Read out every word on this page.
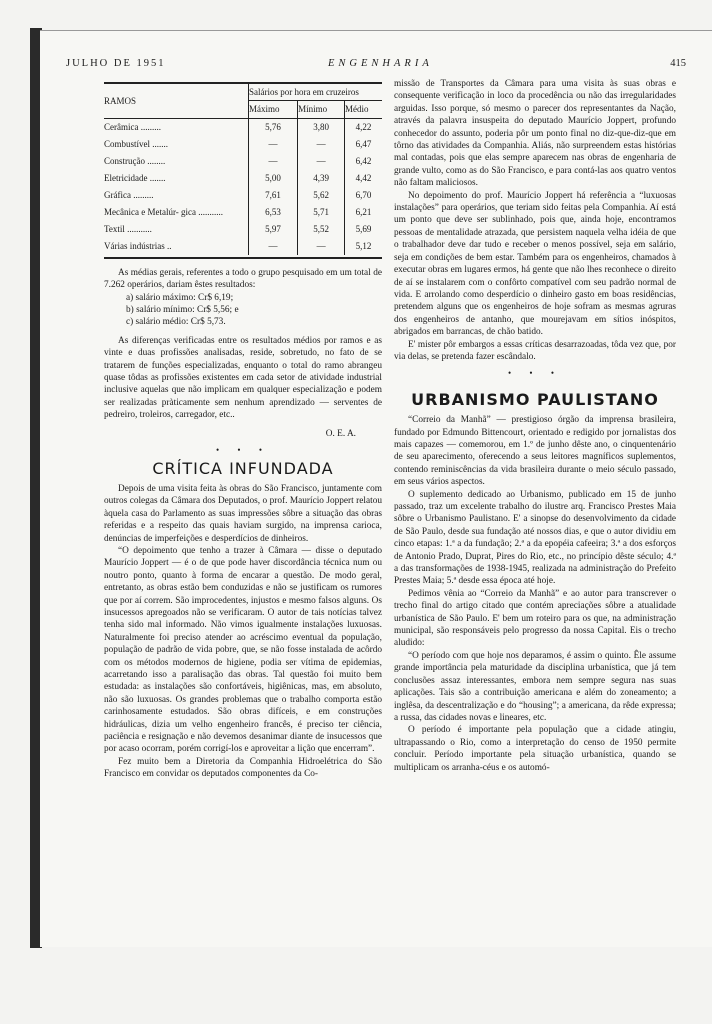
JULHO DE 1951	ENGENHARIA	415
RAMOS	Salários por hora em cruzeiros		
	Máximo	Mínimo	Médio
Cerâmica .........	5,76	3,80	4,22
Combustível .......	—	—	6,47
Construção ........	—	—	6,42
Eletricidade .......	5,00	4,39	4,42
Gráfica .........	7,61	5,62	6,70
Mecânica e Metalúr- gica ...........	6,53	5,71	6,21
Textil ...........	5,97	5,52	5,69
Várias indústrias ..	—	—	5,12

As médias gerais, referentes a todo o grupo pesquisado em um total de 7.262 operários, dariam êstes resultados:

a) salário máximo: Cr$ 6,19;
b) salário mínimo: Cr$ 5,56; e
c) salário médio: Cr$ 5,73.

As diferenças verificadas entre os resultados médios por ramos e as vinte e duas profissões analisadas, reside, sobretudo, no fato de se tratarem de funções especializadas, enquanto o total do ramo abrangeu quase tôdas as profissões existentes em cada setor de atividade industrial inclusive aquelas que não implicam em qualquer especialização e podem ser realizadas pràticamente sem nenhum aprendizado — serventes de pedreiro, troleiros, carregador, etc..

O. E. A.
• • •
CRÍTICA INFUNDADA

Depois de uma visita feita às obras do São Francisco, juntamente com outros colegas da Câmara dos Deputados, o prof. Maurício Joppert relatou àquela casa do Parlamento as suas impressões sôbre a situação das obras referidas e a respeito das quais haviam surgido, na imprensa carioca, denúncias de imperfeições e desperdícios de dinheiros.

“O depoimento que tenho a trazer à Câmara — disse o deputado Maurício Joppert — é o de que pode haver discordância técnica num ou noutro ponto, quanto à forma de encarar a questão. De modo geral, entretanto, as obras estão bem conduzidas e não se justificam os rumores que por aí correm. São improcedentes, injustos e mesmo falsos alguns. Os insucessos apregoados não se verificaram. O autor de tais notícias talvez tenha sido mal informado. Não vimos igualmente instalações luxuosas. Naturalmente foi preciso atender ao acréscimo eventual da população, população de padrão de vida pobre, que, se não fosse instalada de acôrdo com os métodos modernos de higiene, podia ser vítima de epidemias, acarretando isso a paralisação das obras. Tal questão foi muito bem estudada: as instalações são confortáveis, higiênicas, mas, em absoluto, não são luxuosas. Os grandes problemas que o trabalho comporta estão carinhosamente estudados. São obras difíceis, e em construções hidráulicas, dizia um velho engenheiro francês, é preciso ter ciência, paciência e resignação e não devemos desanimar diante de insucessos que por acaso ocorram, porém corrigí-los e aproveitar a lição que encerram”.

Fez muito bem a Diretoria da Companhia Hidroelétrica do São Francisco em convidar os deputados componentes da Co-

missão de Transportes da Câmara para uma visita às suas obras e consequente verificação in loco da procedência ou não das irregularidades arguidas. Isso porque, só mesmo o parecer dos representantes da Nação, através da palavra insuspeita do deputado Maurício Joppert, profundo conhecedor do assunto, poderia pôr um ponto final no diz-que-diz-que em tôrno das atividades da Companhia. Aliás, não surpreendem estas histórias mal contadas, pois que elas sempre aparecem nas obras de engenharia de grande vulto, como as do São Francisco, e para contá-las aos quatro ventos não faltam maliciosos.

No depoimento do prof. Maurício Joppert há referência a “luxuosas instalações” para operários, que teriam sido feitas pela Companhia. Aí está um ponto que deve ser sublinhado, pois que, ainda hoje, encontramos pessoas de mentalidade atrazada, que persistem naquela velha idéia de que o trabalhador deve dar tudo e receber o menos possível, seja em salário, seja em condições de bem estar. Também para os engenheiros, chamados à executar obras em lugares ermos, há gente que não lhes reconhece o direito de aí se instalarem com o confôrto compatível com seu padrão normal de vida. E arrolando como desperdício o dinheiro gasto em boas residências, pretendem alguns que os engenheiros de hoje sofram as mesmas agruras dos engenheiros de antanho, que mourejavam em sítios inóspitos, abrigados em barrancas, de chão batido.

E' mister pôr embargos a essas críticas desarrazoadas, tôda vez que, por via delas, se pretenda fazer escândalo.

• • •
URBANISMO PAULISTANO

“Correio da Manhã” — prestigioso órgão da imprensa brasileira, fundado por Edmundo Bittencourt, orientado e redigido por jornalistas dos mais capazes — comemorou, em 1.º de junho dêste ano, o cinquentenário de seu aparecimento, oferecendo a seus leitores magníficos suplementos, contendo reminiscências da vida brasileira durante o meio século passado, em seus vários aspectos.

O suplemento dedicado ao Urbanismo, publicado em 15 de junho passado, traz um excelente trabalho do ilustre arq. Francisco Prestes Maia sôbre o Urbanismo Paulistano. E' a sinopse do desenvolvimento da cidade de São Paulo, desde sua fundação até nossos dias, e que o autor dividiu em cinco etapas: 1.ª a da fundação; 2.ª a da epopéia cafeeira; 3.ª a dos esforços de Antonio Prado, Duprat, Pires do Rio, etc., no princípio dêste século; 4.ª a das transformações de 1938-1945, realizada na administração do Prefeito Prestes Maia; 5.ª desde essa época até hoje.

Pedimos vênia ao “Correio da Manhã” e ao autor para transcrever o trecho final do artigo citado que contém apreciações sôbre a atualidade urbanística de São Paulo. E' bem um roteiro para os que, na administração municipal, são responsáveis pelo progresso da nossa Capital. Eis o trecho aludido:

“O período com que hoje nos deparamos, é assim o quinto. Êle assume grande importância pela maturidade da disciplina urbanística, que já tem conclusões assaz interessantes, embora nem sempre segura nas suas aplicações. Tais são a contribuição americana e além do zoneamento; a inglêsa, da descentralização e do “housing”; a americana, da rêde expressa; a russa, das cidades novas e lineares, etc.

O período é importante pela população que a cidade atingiu, ultrapassando o Rio, como a interpretação do censo de 1950 permite concluir. Período importante pela situação urbanística, quando se multiplicam os arranha-céus e os automó-
